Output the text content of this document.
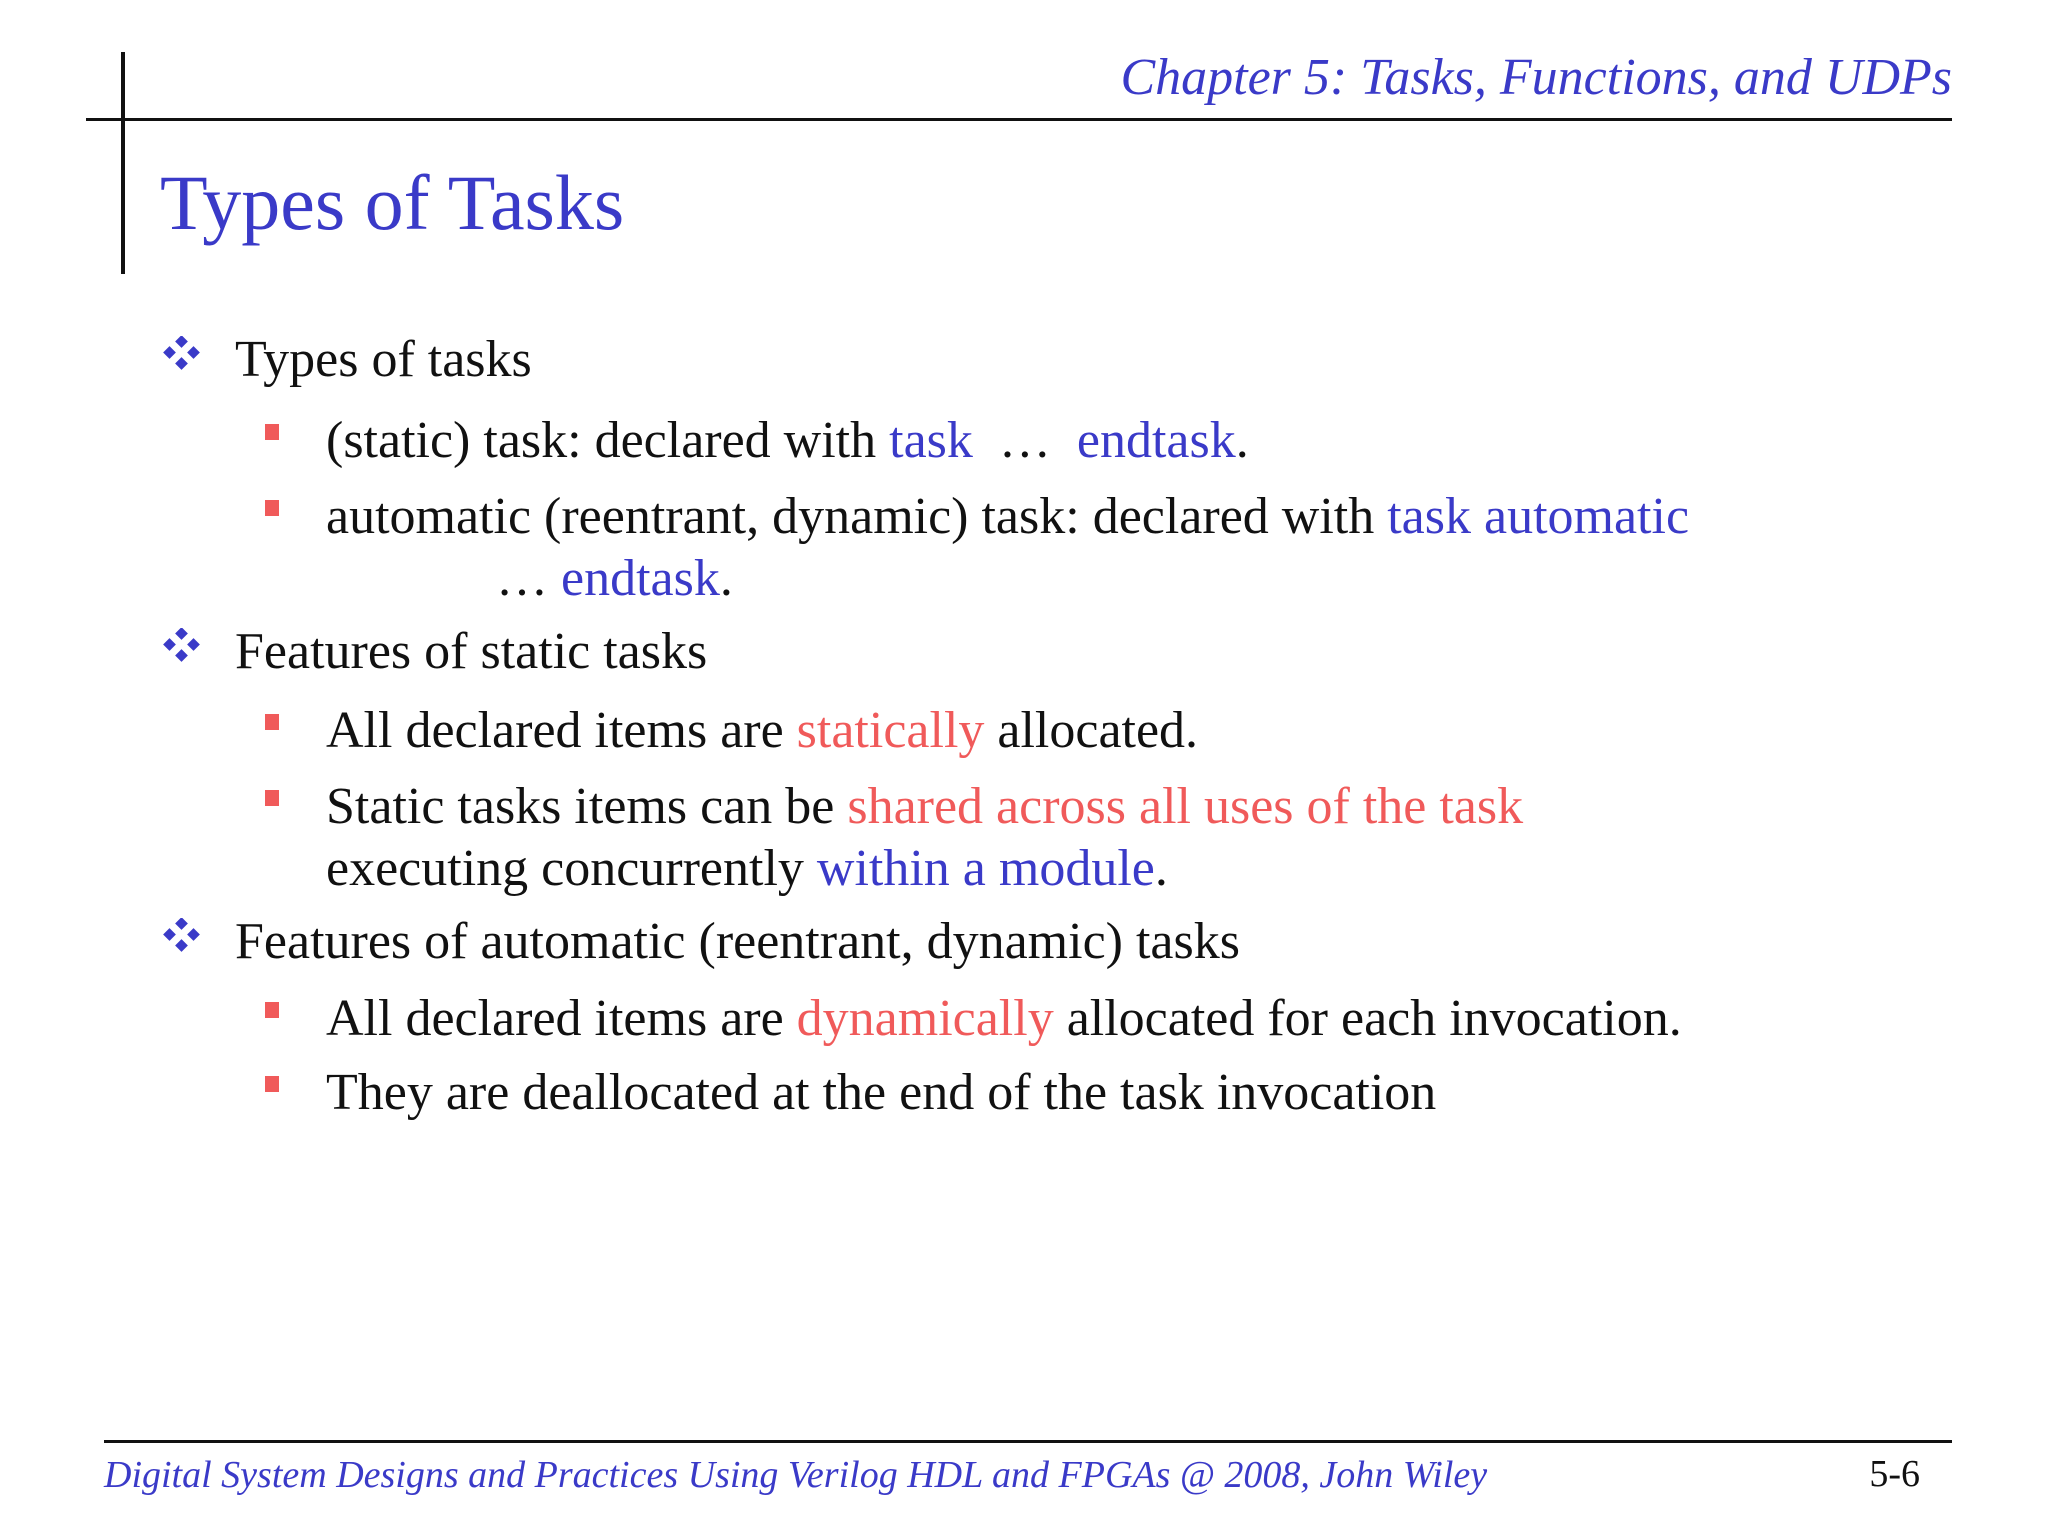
Chapter 5: Tasks, Functions, and UDPs
Types of Tasks
Types of tasks
(static) task: declared with task  …  endtask.
automatic (reentrant, dynamic) task: declared with task automatic
… endtask.
Features of static tasks
All declared items are statically allocated.
Static tasks items can be shared across all uses of the task
executing concurrently within a module.
Features of automatic (reentrant, dynamic) tasks
All declared items are dynamically allocated for each invocation.
They are deallocated at the end of the task invocation
Digital System Designs and Practices Using Verilog HDL and FPGAs @ 2008, John Wiley	5-6
